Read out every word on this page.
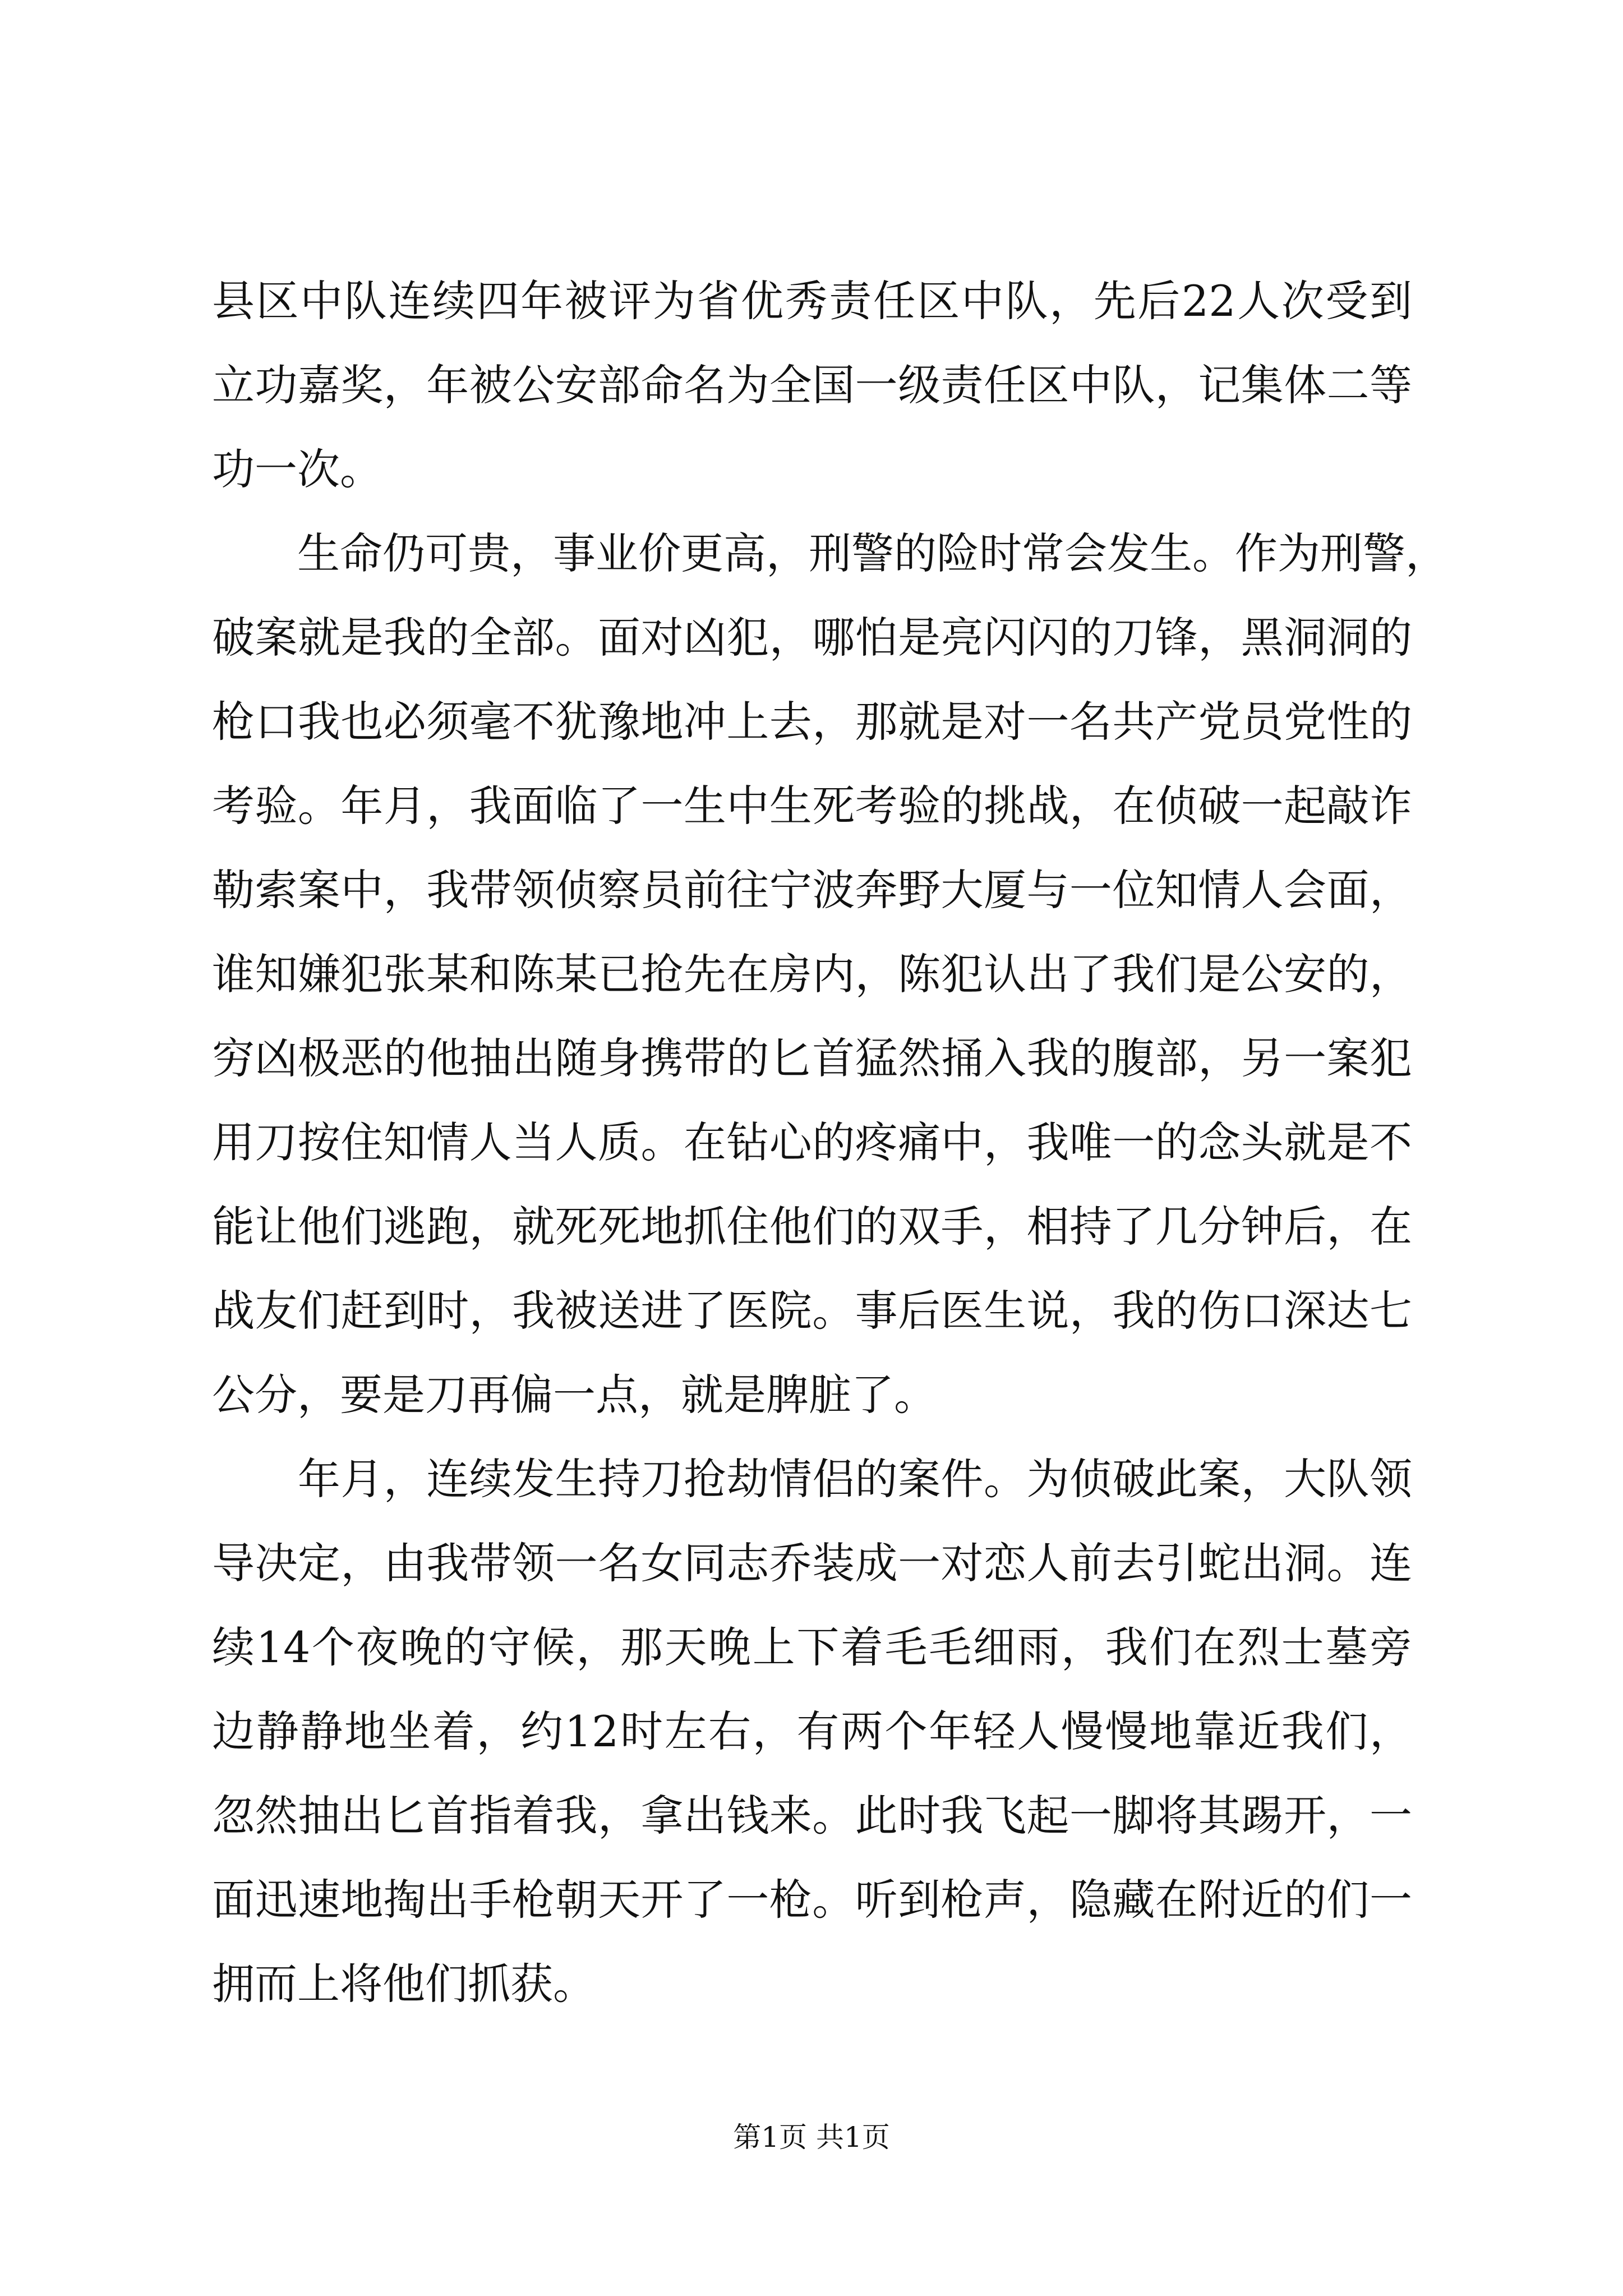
县区中队连续四年被评为省优秀责任区中队，先后22人次受到
立功嘉奖，年被公安部命名为全国一级责任区中队，记集体二等
功一次。
　　生命仍可贵，事业价更高，刑警的险时常会发生。作为刑警，
破案就是我的全部。面对凶犯，哪怕是亮闪闪的刀锋，黑洞洞的
枪口我也必须毫不犹豫地冲上去，那就是对一名共产党员党性的
考验。年月，我面临了一生中生死考验的挑战，在侦破一起敲诈
勒索案中，我带领侦察员前往宁波奔野大厦与一位知情人会面，
谁知嫌犯张某和陈某已抢先在房内，陈犯认出了我们是公安的，
穷凶极恶的他抽出随身携带的匕首猛然捅入我的腹部，另一案犯
用刀按住知情人当人质。在钻心的疼痛中，我唯一的念头就是不
能让他们逃跑，就死死地抓住他们的双手，相持了几分钟后，在
战友们赶到时，我被送进了医院。事后医生说，我的伤口深达七
公分，要是刀再偏一点，就是脾脏了。
　　年月，连续发生持刀抢劫情侣的案件。为侦破此案，大队领
导决定，由我带领一名女同志乔装成一对恋人前去引蛇出洞。连
续14个夜晚的守候，那天晚上下着毛毛细雨，我们在烈士墓旁
边静静地坐着，约12时左右，有两个年轻人慢慢地靠近我们，
忽然抽出匕首指着我，拿出钱来。此时我飞起一脚将其踢开，一
面迅速地掏出手枪朝天开了一枪。听到枪声，隐藏在附近的们一
拥而上将他们抓获。
第1页 共1页
